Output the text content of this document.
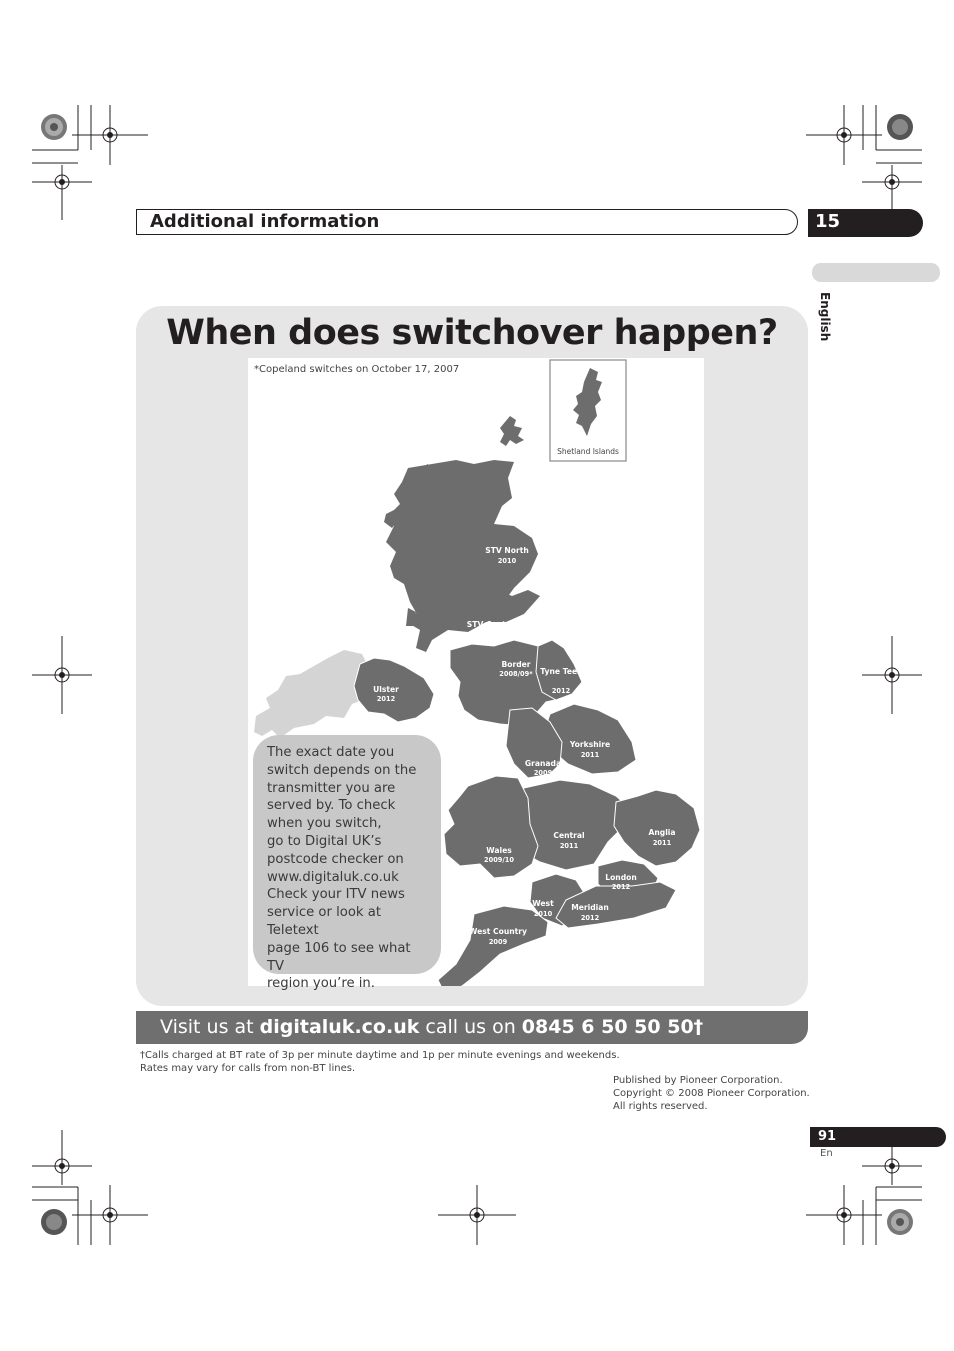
Additional information	15
English
When does switchover happen?
Shetland Islands
STV North
2010
STV Central
2010/11
Border
2008/09* Tyne Tees
2012
Ulster
2012
Yorkshire
2011
Granada
2009
Anglia
2011
Central
2011
Wales
2009/10
London
2012
West
2010
Meridian
2012
West Country
2009
*Copeland switches on October 17, 2007
The exact date you
switch depends on the
transmitter you are
served by. To check
when you switch,
go to Digital UK’s
postcode checker on
www.digitaluk.co.uk
Check your ITV news
service or look at Teletext
page 106 to see what TV
region you’re in.
Visit us at digitaluk.co.uk call us on 0845 6 50 50 50†
†Calls charged at BT rate of 3p per minute daytime and 1p per minute evenings and weekends.
Rates may vary for calls from non-BT lines.
Published by Pioneer Corporation.
Copyright © 2008 Pioneer Corporation.
All rights reserved.
91
En
